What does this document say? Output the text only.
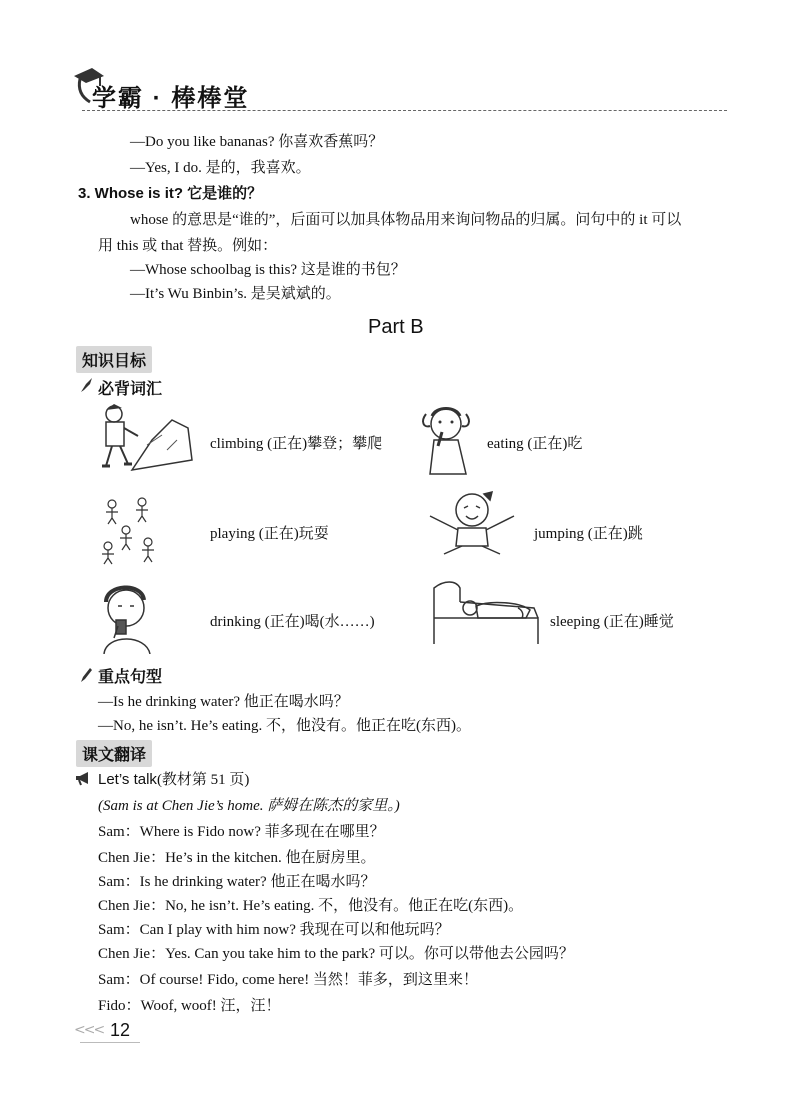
学霸 · 棒棒堂
—Do you like bananas? 你喜欢香蕉吗？
—Yes, I do. 是的，我喜欢。
3. Whose is it? 它是谁的？
whose 的意思是“谁的”，后面可以加具体物品用来询问物品的归属。问句中的 it 可以
用 this 或 that 替换。例如：
—Whose schoolbag is this? 这是谁的书包？
—It’s Wu Binbin’s. 是吴斌斌的。
Part B
知识目标
必背词汇
climbing (正在)攀登；攀爬	eating (正在)吃
playing (正在)玩耍	jumping (正在)跳
drinking (正在)喝(水……)	sleeping (正在)睡觉
重点句型
—Is he drinking water? 他正在喝水吗？
—No, he isn’t. He’s eating. 不，他没有。他正在吃(东西)。
课文翻译
Let’s talk(教材第 51 页)
(Sam is at Chen Jie’s home. 萨姆在陈杰的家里。)
Sam：Where is Fido now? 菲多现在在哪里？
Chen Jie：He’s in the kitchen. 他在厨房里。
Sam：Is he drinking water? 他正在喝水吗？
Chen Jie：No, he isn’t. He’s eating. 不，他没有。他正在吃(东西)。
Sam：Can I play with him now? 我现在可以和他玩吗？
Chen Jie：Yes. Can you take him to the park? 可以。你可以带他去公园吗？
Sam：Of course! Fido, come here! 当然！菲多，到这里来！
Fido：Woof, woof! 汪，汪！
<<< 12
